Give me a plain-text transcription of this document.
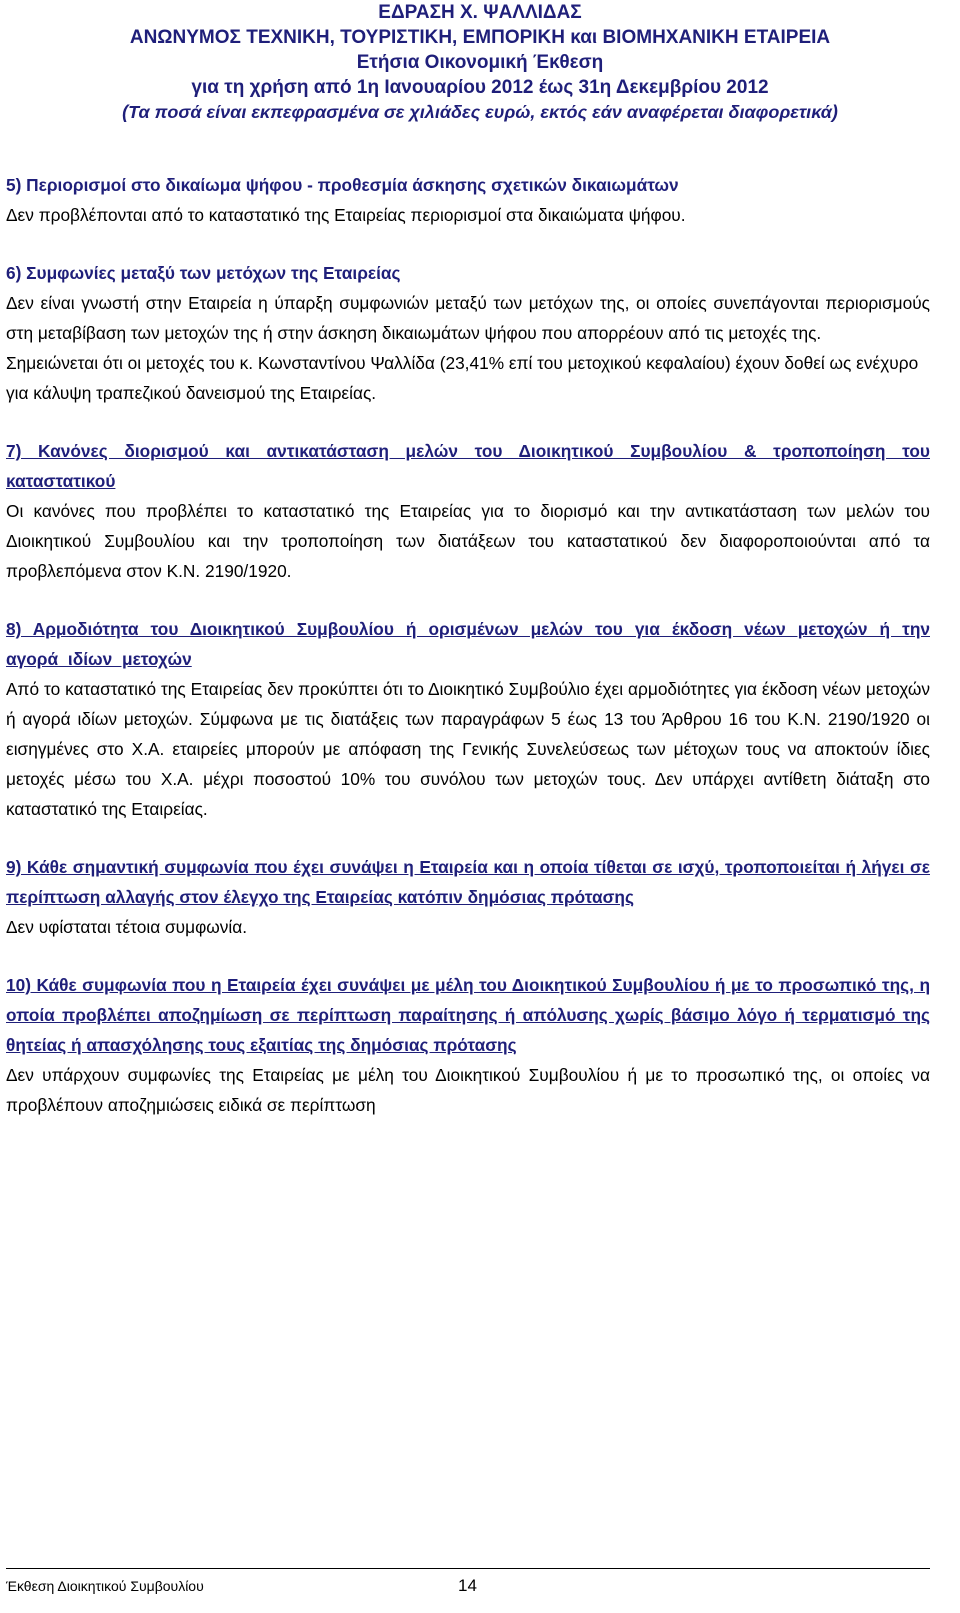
ΕΔΡΑΣΗ Χ. ΨΑΛΛΙΔΑΣ
ΑΝΩΝΥΜΟΣ ΤΕΧΝΙΚΗ, ΤΟΥΡΙΣΤΙΚΗ, ΕΜΠΟΡΙΚΗ και ΒΙΟΜΗΧΑΝΙΚΗ ΕΤΑΙΡΕΙΑ
Ετήσια Οικονομική Έκθεση
για τη χρήση από 1η Ιανουαρίου 2012 έως 31η Δεκεμβρίου 2012
(Τα ποσά είναι εκπεφρασμένα σε χιλιάδες ευρώ, εκτός εάν αναφέρεται διαφορετικά)
5) Περιορισμοί στο δικαίωμα ψήφου - προθεσμία άσκησης σχετικών δικαιωμάτων

Δεν προβλέπονται από το καταστατικό της Εταιρείας περιορισμοί στα δικαιώματα ψήφου.

6) Συμφωνίες μεταξύ των μετόχων της Εταιρείας

Δεν είναι γνωστή στην Εταιρεία η ύπαρξη συμφωνιών μεταξύ των μετόχων της, οι οποίες συνεπάγονται περιορισμούς στη μεταβίβαση των μετοχών της ή στην άσκηση δικαιωμάτων ψήφου που απορρέουν από τις μετοχές της.

Σημειώνεται ότι οι μετοχές του κ. Κωνσταντίνου Ψαλλίδα (23,41% επί του μετοχικού κεφαλαίου) έχουν δοθεί ως ενέχυρο για κάλυψη τραπεζικού δανεισμού της Εταιρείας.

7) Κανόνες διορισμού και αντικατάσταση μελών του Διοικητικού Συμβουλίου & τροποποίηση του καταστατικού

Οι κανόνες που προβλέπει το καταστατικό της Εταιρείας για το διορισμό και την αντικατάσταση των μελών του Διοικητικού Συμβουλίου και την τροποποίηση των διατάξεων του καταστατικού δεν διαφοροποιούνται από τα προβλεπόμενα στον Κ.Ν. 2190/1920.

8) Αρμοδιότητα του Διοικητικού Συμβουλίου ή ορισμένων μελών του για έκδοση νέων μετοχών ή την αγορά ιδίων μετοχών

Από το καταστατικό της Εταιρείας δεν προκύπτει ότι το Διοικητικό Συμβούλιο έχει αρμοδιότητες για έκδοση νέων μετοχών ή αγορά ιδίων μετοχών. Σύμφωνα με τις διατάξεις των παραγράφων 5 έως 13 του Άρθρου 16 του Κ.Ν. 2190/1920 οι εισηγμένες στο Χ.Α. εταιρείες μπορούν με απόφαση της Γενικής Συνελεύσεως των μέτοχων τους να αποκτούν ίδιες μετοχές μέσω του Χ.Α. μέχρι ποσοστού 10% του συνόλου των μετοχών τους. Δεν υπάρχει αντίθετη διάταξη στο καταστατικό της Εταιρείας.

9) Κάθε σημαντική συμφωνία που έχει συνάψει η Εταιρεία και η οποία τίθεται σε ισχύ, τροποποιείται ή λήγει σε περίπτωση αλλαγής στον έλεγχο της Εταιρείας κατόπιν δημόσιας πρότασης

Δεν υφίσταται τέτοια συμφωνία.

10) Κάθε συμφωνία που η Εταιρεία έχει συνάψει με μέλη του Διοικητικού Συμβουλίου ή με το προσωπικό της, η οποία προβλέπει αποζημίωση σε περίπτωση παραίτησης ή απόλυσης χωρίς βάσιμο λόγο ή τερματισμό της θητείας ή απασχόλησης τους εξαιτίας της δημόσιας πρότασης

Δεν υπάρχουν συμφωνίες της Εταιρείας με μέλη του Διοικητικού Συμβουλίου ή με το προσωπικό της, οι οποίες να προβλέπουν αποζημιώσεις ειδικά σε περίπτωση

Έκθεση Διοικητικού Συμβουλίου	14
